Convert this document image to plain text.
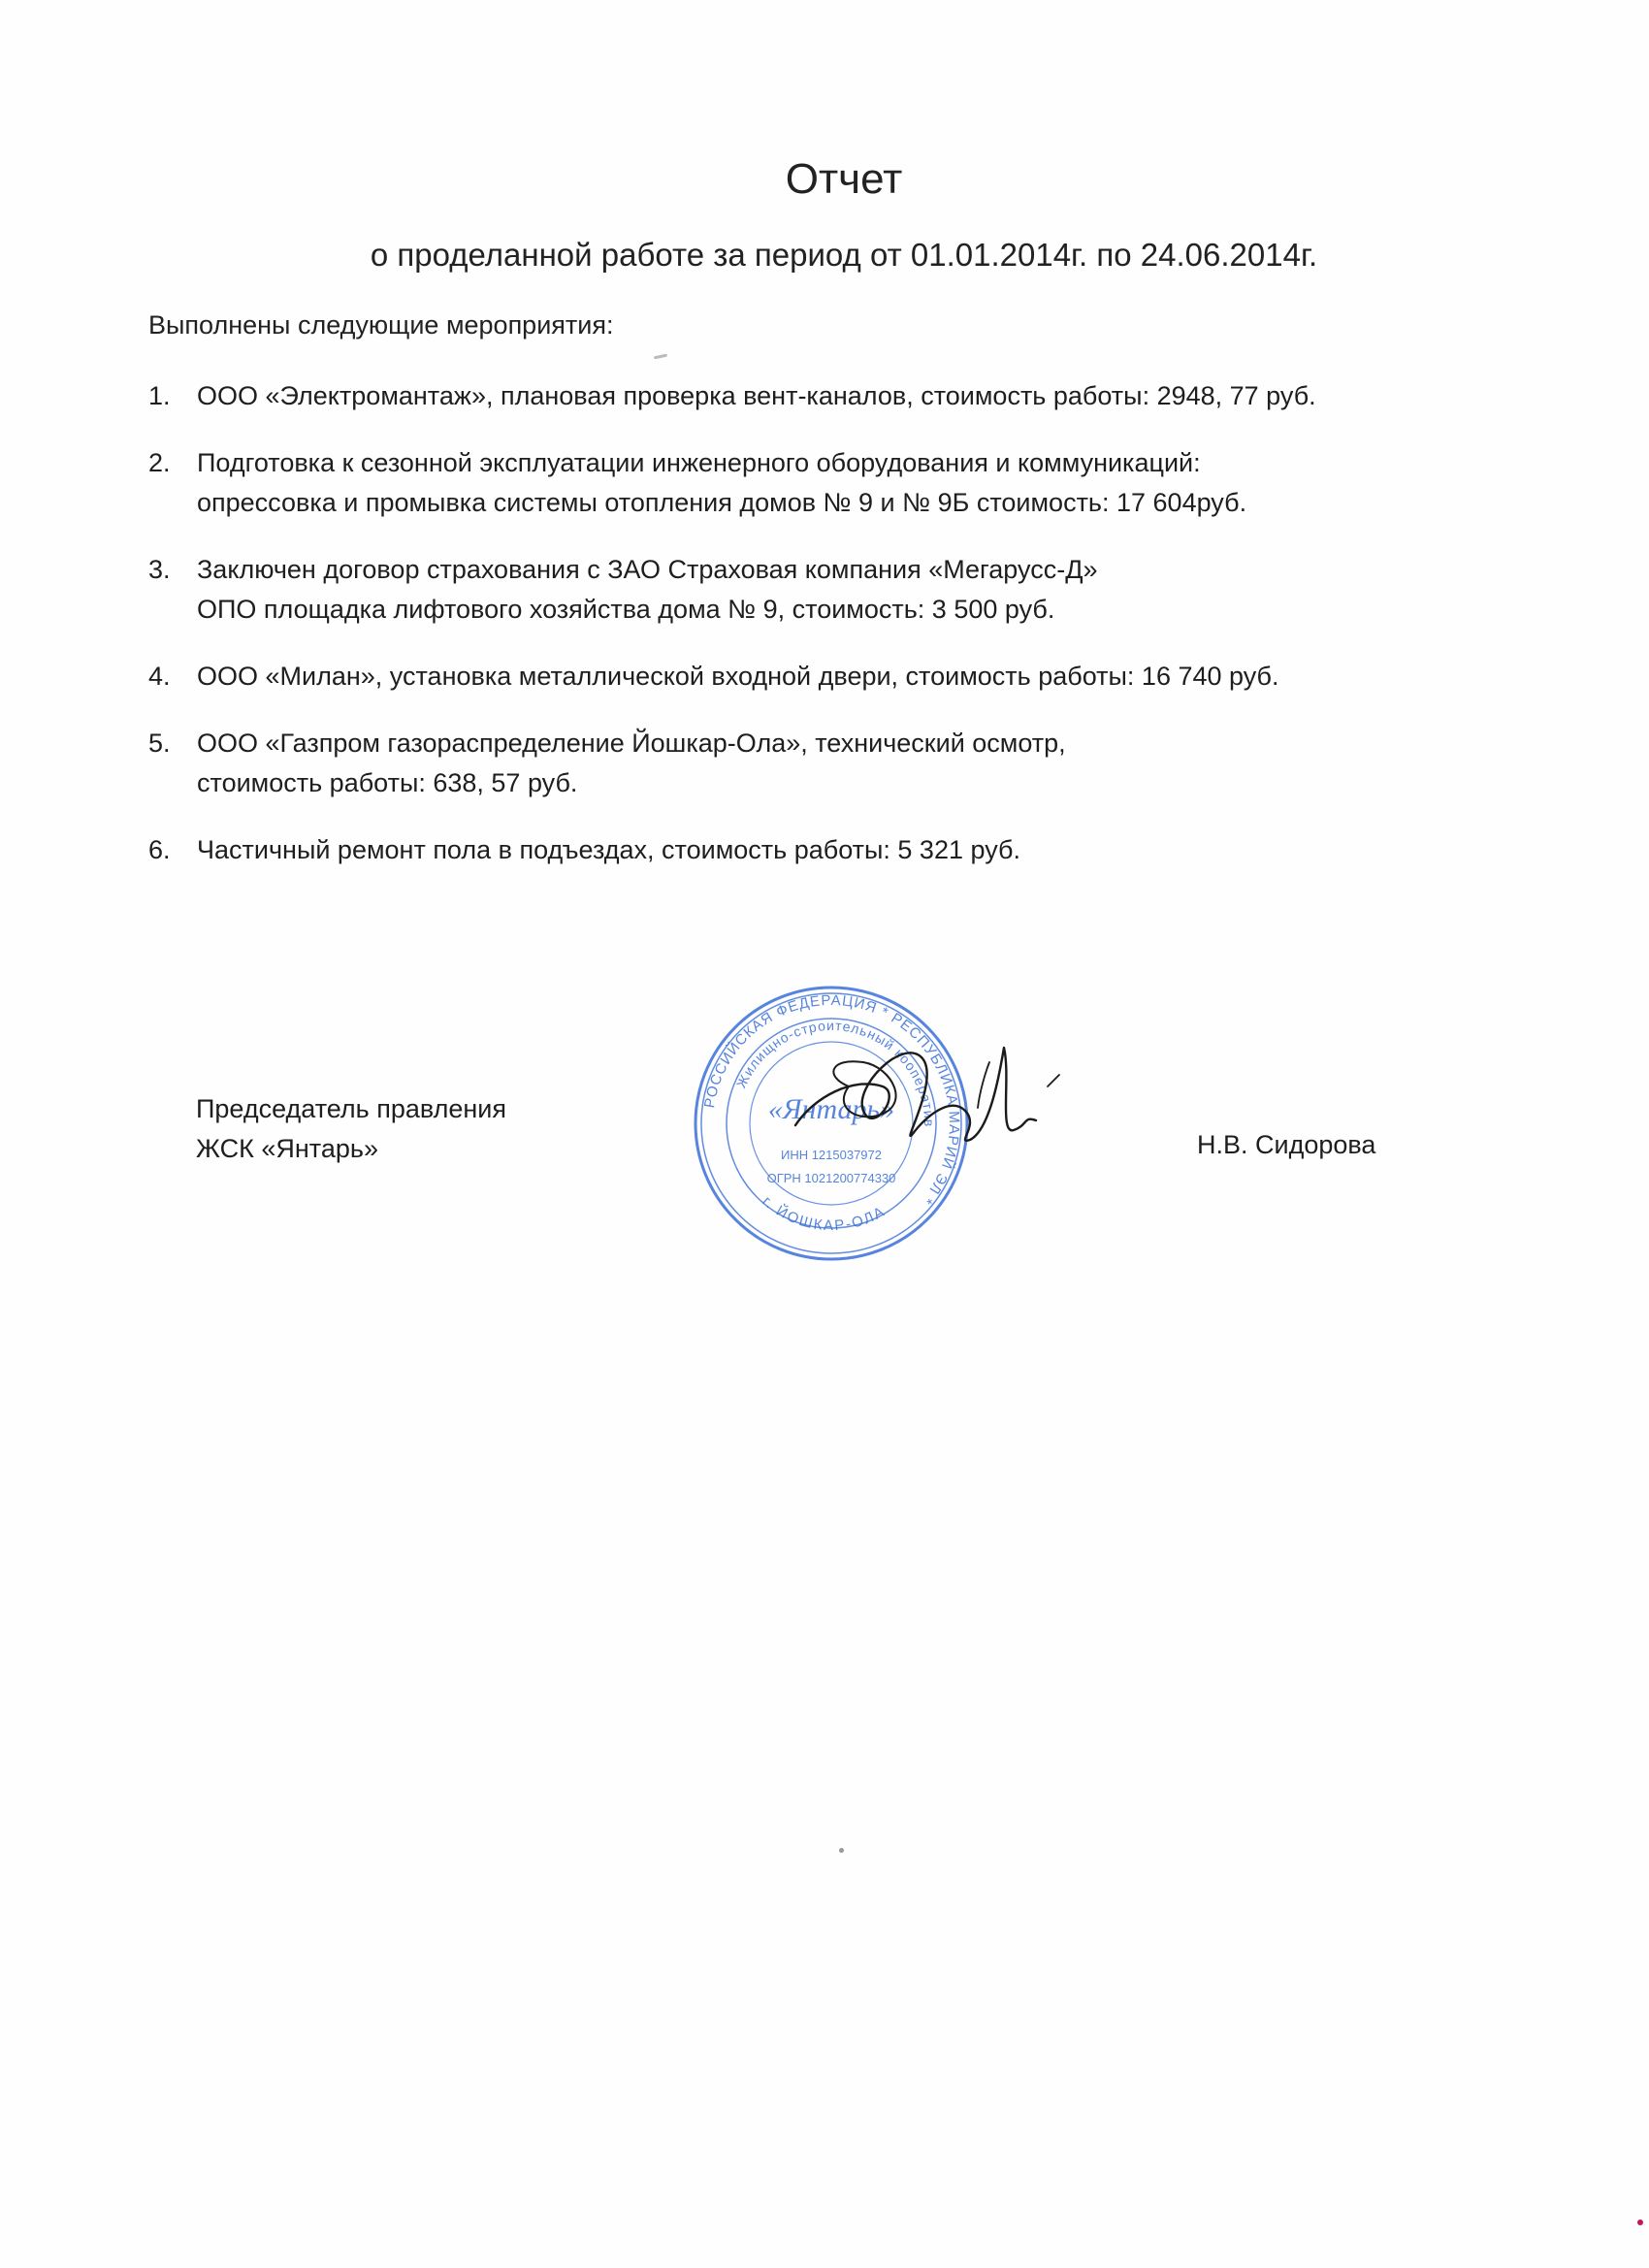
Отчет
о проделанной работе за период от 01.01.2014г. по 24.06.2014г.
Выполнены следующие мероприятия:
1. ООО «Электромантаж», плановая проверка вент-каналов, стоимость работы: 2948, 77 руб.
2. Подготовка к сезонной эксплуатации инженерного оборудования и коммуникаций:
опрессовка и промывка системы отопления домов № 9 и № 9Б стоимость: 17 604руб.
3. Заключен договор страхования с ЗАО Страховая компания «Мегарусс-Д»
ОПО площадка лифтового хозяйства дома № 9, стоимость: 3 500 руб.
4. ООО «Милан», установка металлической входной двери, стоимость работы: 16 740 руб.
5. ООО «Газпром газораспределение Йошкар-Ола», технический осмотр,
стоимость работы: 638, 57 руб.
6. Частичный ремонт пола в подъездах, стоимость работы: 5 321 руб.
Председатель правления
ЖСК «Янтарь»
РОССИЙСКАЯ ФЕДЕРАЦИЯ * РЕСПУБЛИКА МАРИЙ ЭЛ *
Жилищно-строительный кооператив
г. ЙОШКАР-ОЛА
«Янтарь»
ИНН 1215037972
ОГРН 1021200774330
Н.В. Сидорова
